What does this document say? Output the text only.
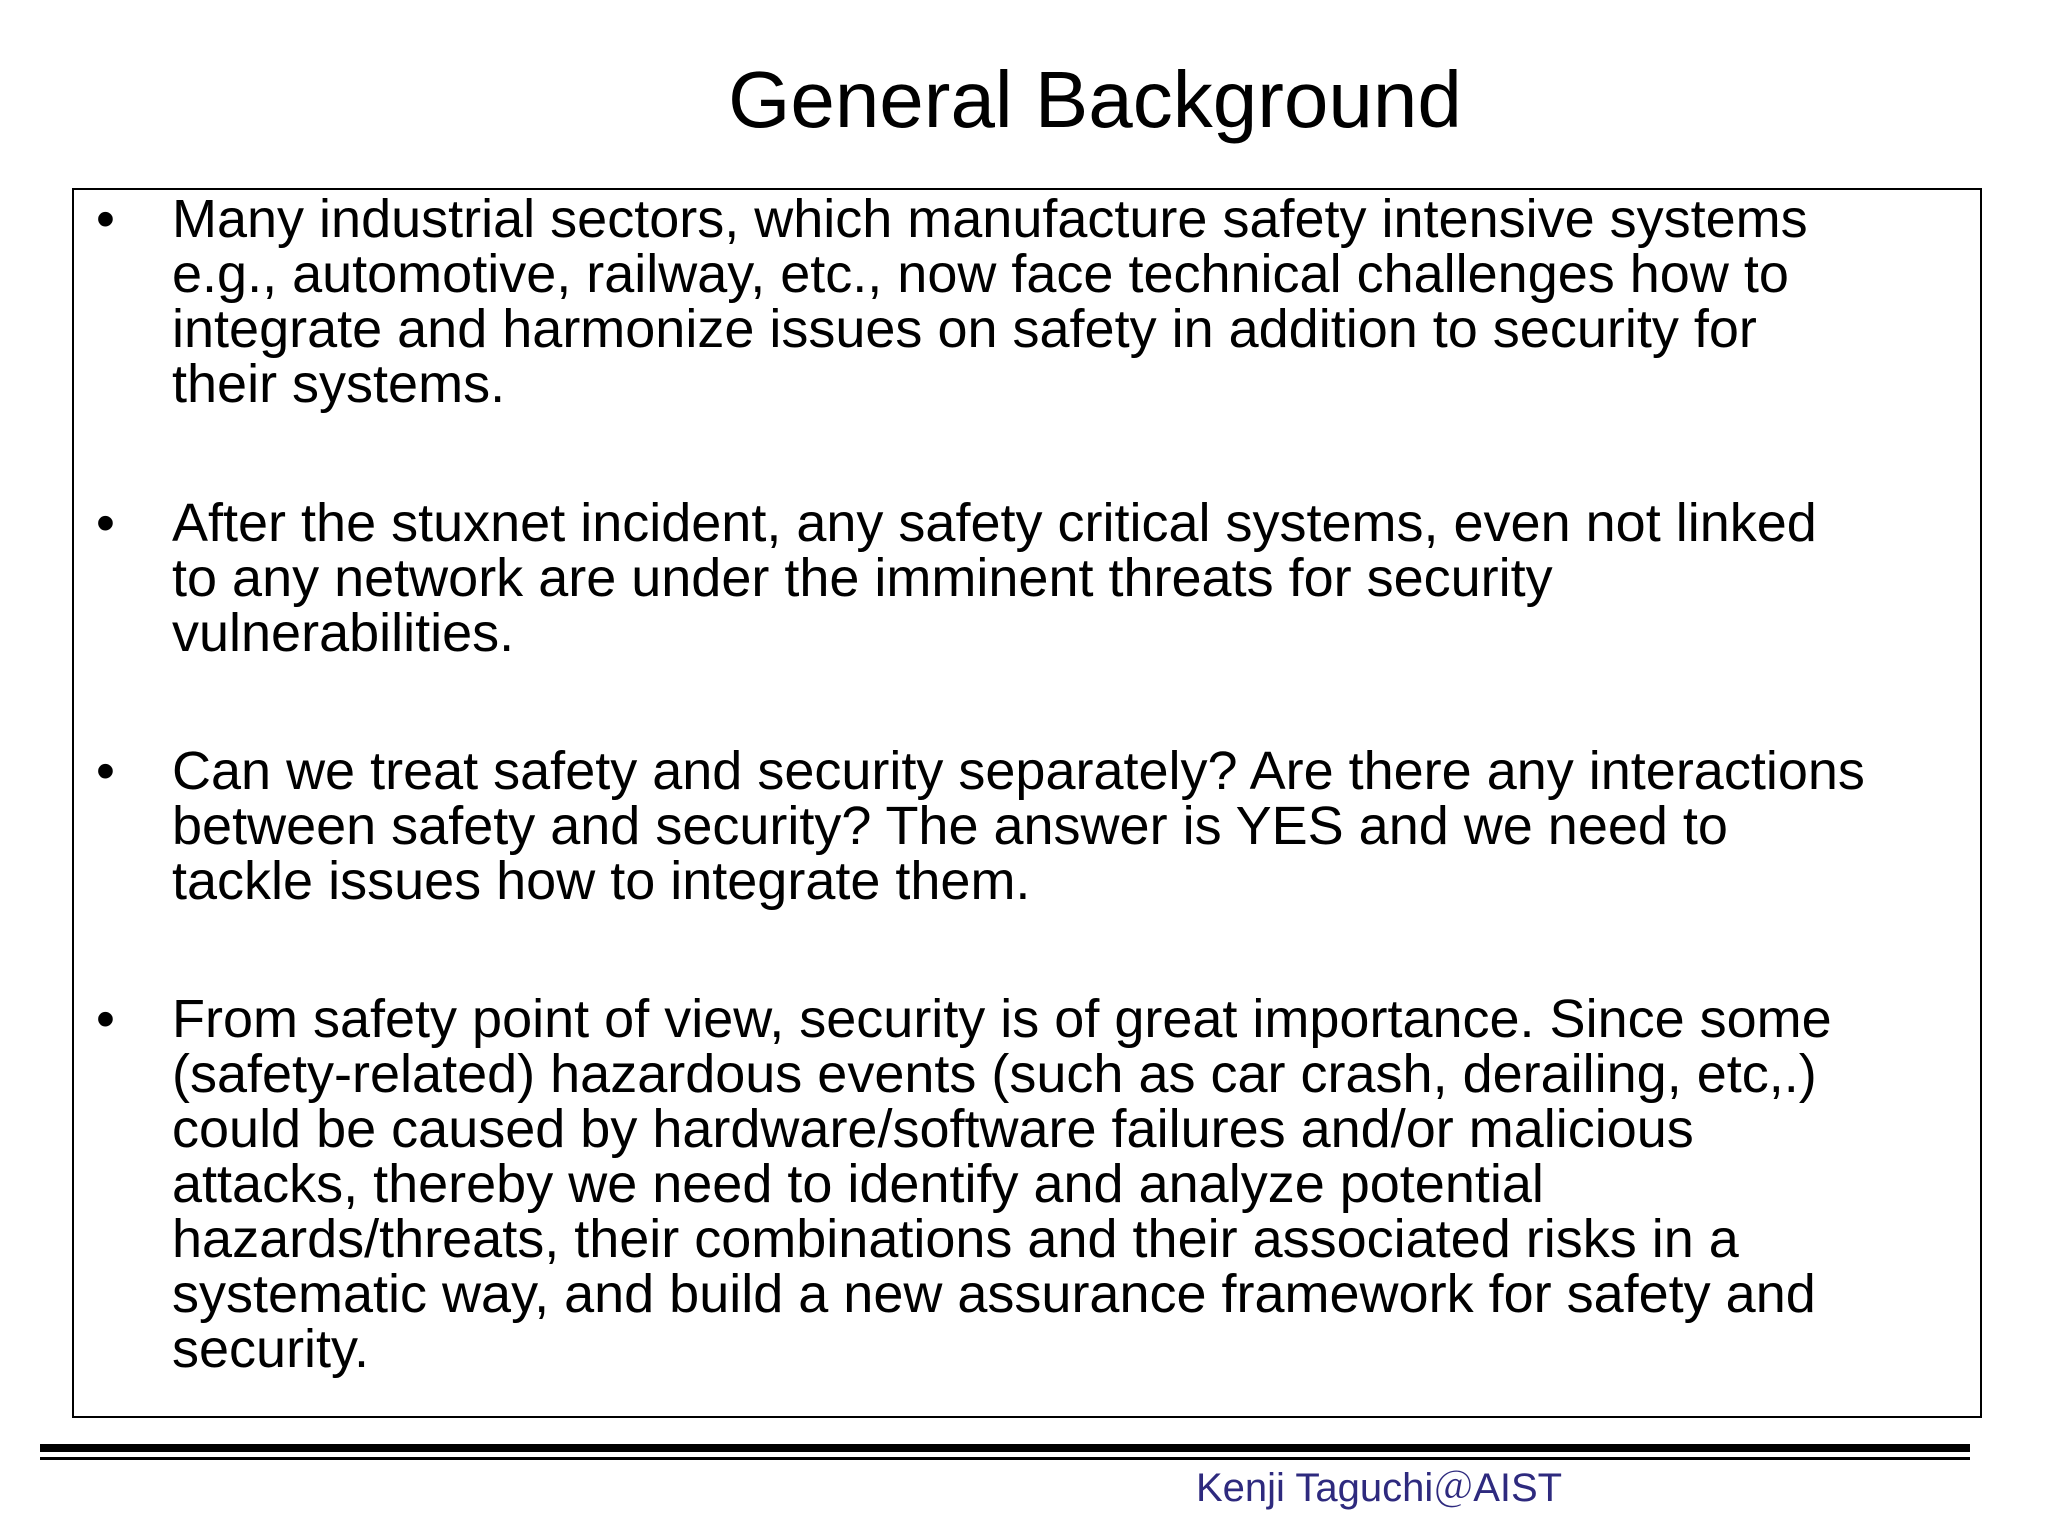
General Background
• Many industrial sectors, which manufacture safety intensive systems
e.g., automotive, railway, etc., now face technical challenges how to
integrate and harmonize issues on safety in addition to security for
their systems.
• After the stuxnet incident, any safety critical systems, even not linked
to any network are under the imminent threats for security
vulnerabilities.
• Can we treat safety and security separately? Are there any interactions
between safety and security? The answer is YES and we need to
tackle issues how to integrate them.
• From safety point of view, security is of great importance. Since some
(safety-related) hazardous events (such as car crash, derailing, etc,.)
could be caused by hardware/software failures and/or malicious
attacks, thereby we need to identify and analyze potential
hazards/threats, their combinations and their associated risks in a
systematic way, and build a new assurance framework for safety and
security.
Kenji Taguchi＠AIST
